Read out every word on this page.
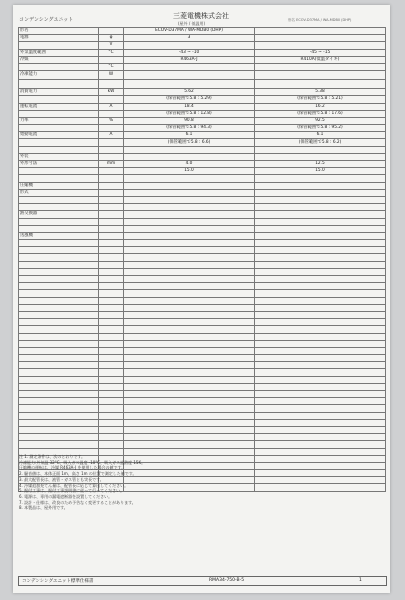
コンデンシングユニット	三菱電機株式会社
(屋外 / 低温用)
形名 ECOV-D37MA / WA-MDB0 (DHP)
形名		ECOV-D37MA / WA-MDB0 (DHP)	
電源	φ	3	
	V		
外気温度範囲	°C	-43 ~ -10	-45 ~ -15
冷媒		R463A-J	R410A(低温ダイキ)
	°C		
冷凍能力	W		

消費電力	kW	5.62	5.38
		(保管範囲で5.8 : 5.29)	(保管範囲で5.8 : 5.21)
運転電流	A	18.4	16.2
		(保管範囲で5.8 : 12.8)	(保管範囲で5.8 : 17.6)
力率	%	90.8	92.5
		(保管範囲で5.8 : 94.3)	(保管範囲で5.8 : 95.2)
始動電流	A	6.1	6.1
		(保管範囲で5.8 : 6.6)	(保管範囲で5.8 : 6.2)

外装			
外形寸法	mm	4.0	12.5
		15.0	15.0

圧縮機			
形式			

熱交換器			

送風機			

注 1. 測定条件は、次のとおりです。
冷凍能力:外気温 32°C、吸入ガス温度 -10°C、吸入ガス過熱度 15K。
圧縮機の運転は、冷媒 R463A-J を使用した場合の値です。
2. 騒音値は、本体正面 1m、高さ 1m の位置で測定した値です。
3. 最大配管長は、液管・ガス管とも実長です。
4. 冷媒追加充てん量は、配管長に応じて算出してください。
5. 据付工事は、据付工事説明書に従って行ってください。
6. 電源は、専用の漏電遮断器を設置してください。
7. 設計・仕様は、改良のため予告なく変更することがあります。
8. 本製品は、屋外用です。
コンデンシングユニット標準仕様書	RMA34-750-B-5	1
